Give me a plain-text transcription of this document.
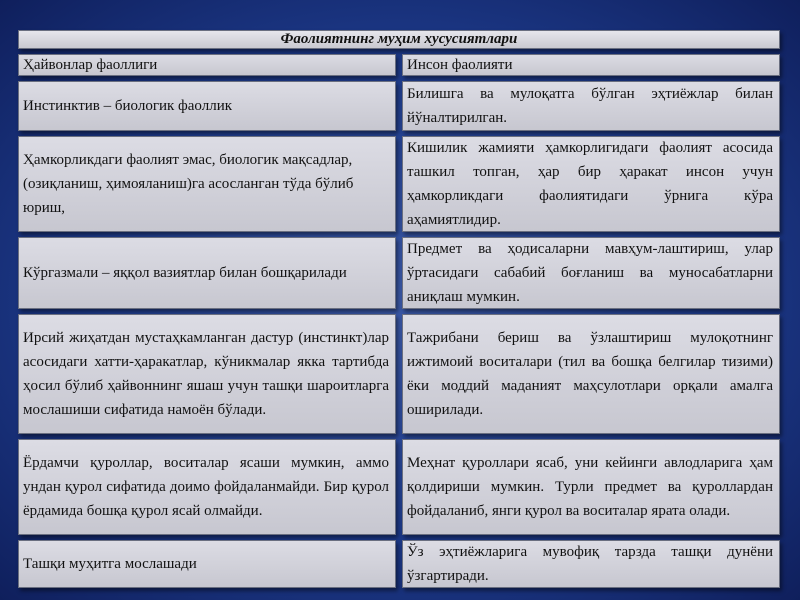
Фаолиятнинг муҳим хусусиятлари
Ҳайвонлар фаоллиги	Инсон фаолияти
Инстинктив – биологик фаоллик
Билишга ва мулоқатга бўлган эҳтиёжлар билан йўналтирилган.
Ҳамкорликдаги фаолият эмас, биологик мақсадлар, (озиқланиш, ҳимояланиш)га асосланган тўда бўлиб юриш,
Кишилик жамияти ҳамкорлигидаги фаолият асосида ташкил топган, ҳар бир ҳаракат инсон учун ҳамкорликдаги фаолиятидаги ўрнига кўра аҳамиятлидир.
Кўргазмали – яққол вазиятлар билан бошқарилади
Предмет ва ҳодисаларни мавҳум-лаштириш, улар ўртасидаги сабабий боғланиш ва муносабатларни аниқлаш мумкин.
Ирсий жиҳатдан мустаҳкамланган дастур (инстинкт)лар асосидаги хатти-ҳаракатлар, кўникмалар якка тартибда ҳосил бўлиб ҳайвоннинг яшаш учун ташқи шароитларга мослашиши сифатида намоён бўлади.
Тажрибани бериш ва ўзлаштириш мулоқотнинг ижтимоий воситалари (тил ва бошқа белгилар тизими) ёки моддий маданият маҳсулотлари орқали амалга оширилади.
Ёрдамчи қуроллар, воситалар ясаши мумкин, аммо ундан қурол сифатида доимо фойдаланмайди. Бир қурол ёрдамида бошқа қурол ясай олмайди.
Меҳнат қуроллари ясаб, уни кейинги авлодларига ҳам қолдириши мумкин. Турли предмет ва қуроллардан фойдаланиб, янги қурол ва воситалар ярата олади.
Ташқи муҳитга мослашади
Ўз эҳтиёжларига мувофиқ тарзда ташқи дунёни ўзгартиради.
